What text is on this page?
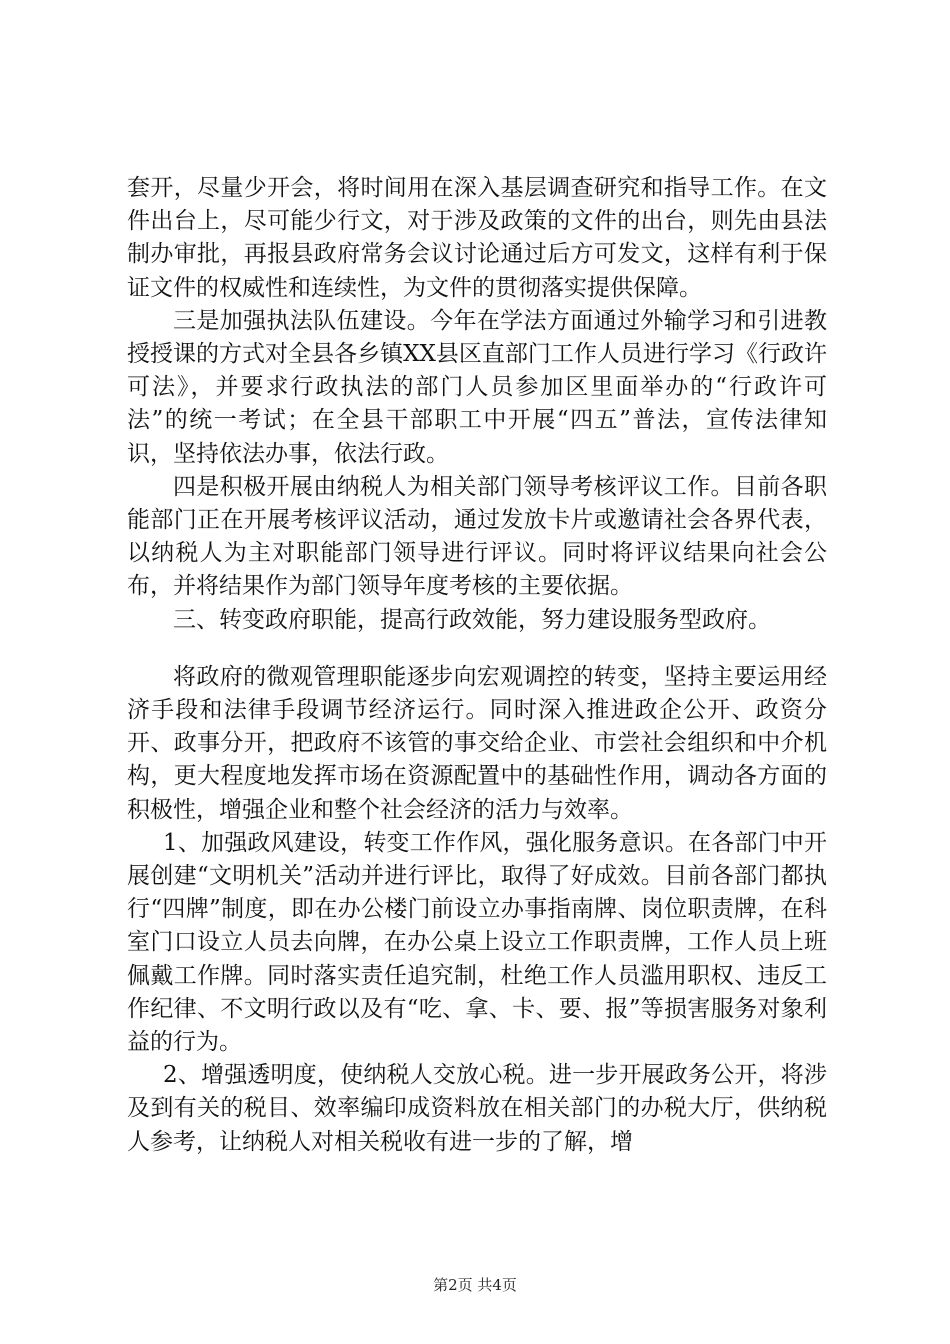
套开，尽量少开会，将时间用在深入基层调查研究和指导工作。在文件出台上，尽可能少行文，对于涉及政策的文件的出台，则先由县法制办审批，再报县政府常务会议讨论通过后方可发文，这样有利于保证文件的权威性和连续性，为文件的贯彻落实提供保障。

三是加强执法队伍建设。今年在学法方面通过外输学习和引进教授授课的方式对全县各乡镇XX县区直部门工作人员进行学习《行政许可法》，并要求行政执法的部门人员参加区里面举办的“行政许可法”的统一考试；在全县干部职工中开展“四五”普法，宣传法律知识，坚持依法办事，依法行政。

四是积极开展由纳税人为相关部门领导考核评议工作。目前各职能部门正在开展考核评议活动，通过发放卡片或邀请社会各界代表，以纳税人为主对职能部门领导进行评议。同时将评议结果向社会公布，并将结果作为部门领导年度考核的主要依据。

三、转变政府职能，提高行政效能，努力建设服务型政府。

将政府的微观管理职能逐步向宏观调控的转变，坚持主要运用经济手段和法律手段调节经济运行。同时深入推进政企公开、政资分开、政事分开，把政府不该管的事交给企业、市尝社会组织和中介机构，更大程度地发挥市场在资源配置中的基础性作用，调动各方面的积极性，增强企业和整个社会经济的活力与效率。

1、加强政风建设，转变工作作风，强化服务意识。在各部门中开展创建“文明机关”活动并进行评比，取得了好成效。目前各部门都执行“四牌”制度，即在办公楼门前设立办事指南牌、岗位职责牌，在科室门口设立人员去向牌，在办公桌上设立工作职责牌，工作人员上班佩戴工作牌。同时落实责任追究制，杜绝工作人员滥用职权、违反工作纪律、不文明行政以及有“吃、拿、卡、要、报”等损害服务对象利益的行为。

2、增强透明度，使纳税人交放心税。进一步开展政务公开，将涉及到有关的税目、效率编印成资料放在相关部门的办税大厅，供纳税人参考，让纳税人对相关税收有进一步的了解，增

第2页 共4页
